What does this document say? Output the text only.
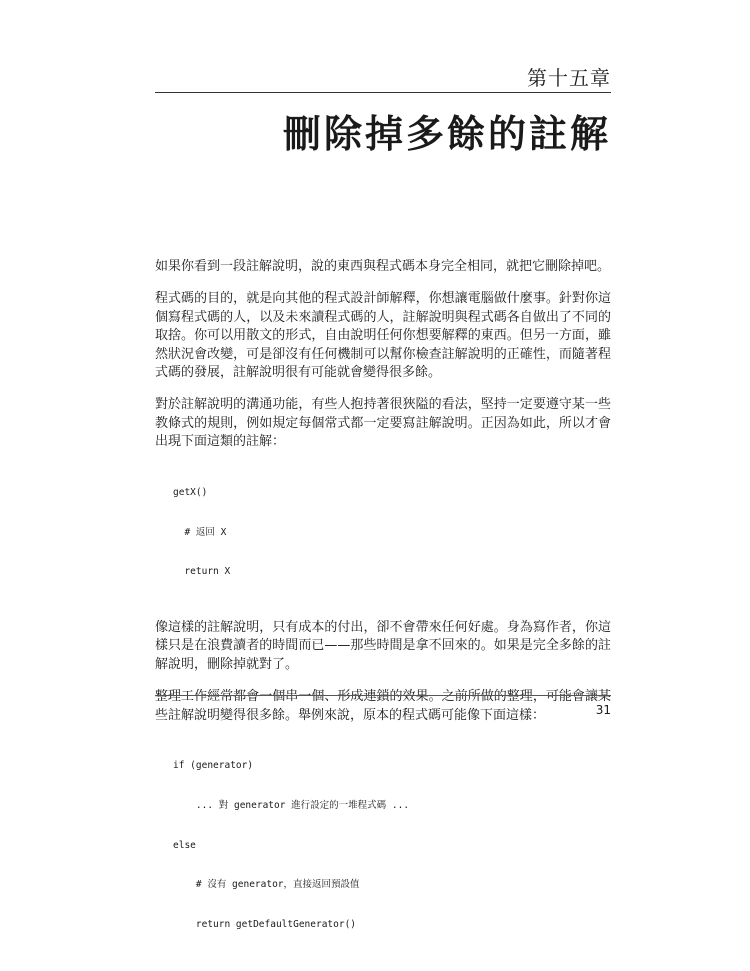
第十五章
刪除掉多餘的註解

如果你看到一段註解說明，說的東西與程式碼本身完全相同，就把它刪除掉吧。

程式碼的目的，就是向其他的程式設計師解釋，你想讓電腦做什麼事。針對你這個寫程式碼的人，以及未來讀程式碼的人，註解說明與程式碼各自做出了不同的取捨。你可以用散文的形式，自由說明任何你想要解釋的東西。但另一方面，雖然狀況會改變，可是卻沒有任何機制可以幫你檢查註解說明的正確性，而隨著程式碼的發展，註解說明很有可能就會變得很多餘。

對於註解說明的溝通功能，有些人抱持著很狹隘的看法，堅持一定要遵守某一些教條式的規則，例如規定每個常式都一定要寫註解說明。正因為如此，所以才會出現下面這類的註解：

getX()

# 返回 X

return X

像這樣的註解說明，只有成本的付出，卻不會帶來任何好處。身為寫作者，你這樣只是在浪費讀者的時間而已——那些時間是拿不回來的。如果是完全多餘的註解說明，刪除掉就對了。

整理工作經常都會一個串一個、形成連鎖的效果。之前所做的整理，可能會讓某些註解說明變得很多餘。舉例來說，原本的程式碼可能像下面這樣：

if (generator)

... 對 generator 進行設定的一堆程式碼 ...

else

# 沒有 generator，直接返回預設值

return getDefaultGenerator()

31
